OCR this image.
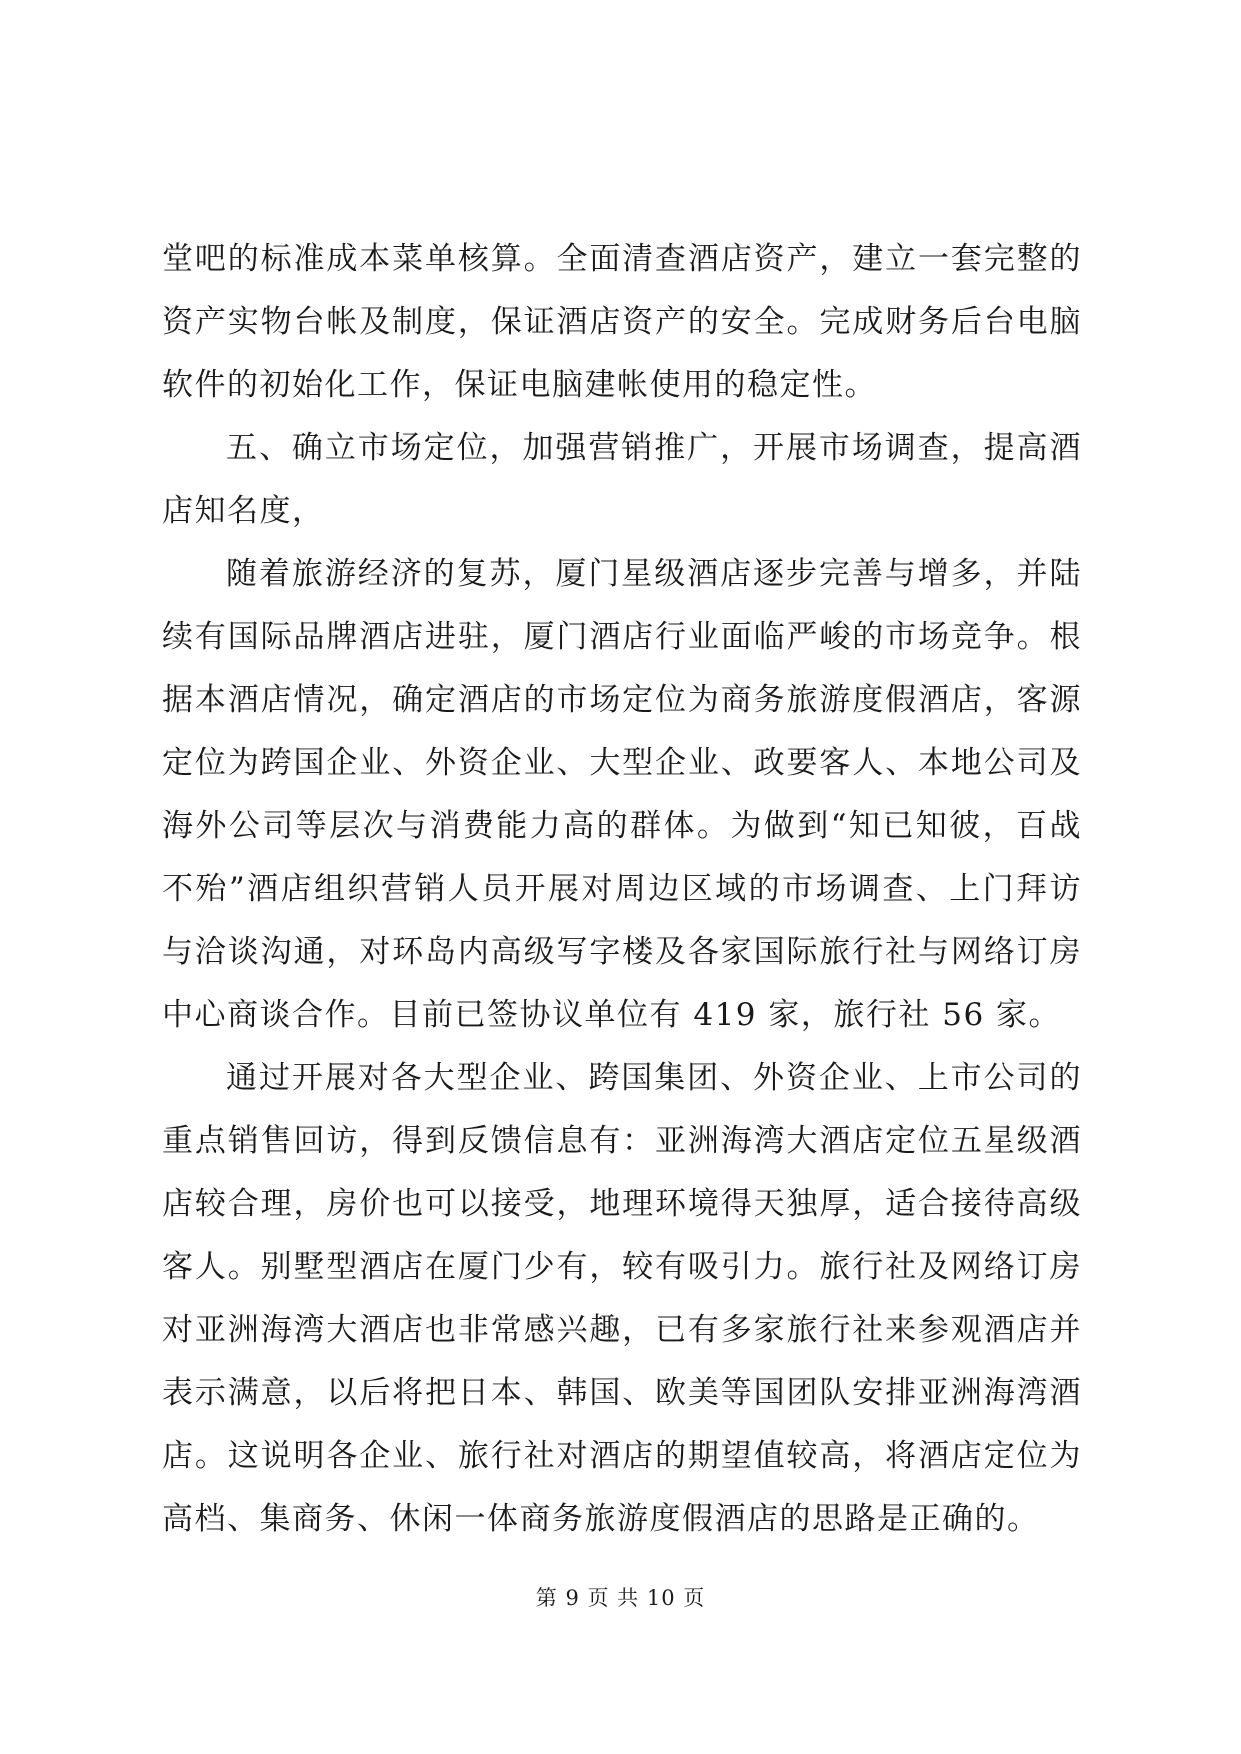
堂吧的标准成本菜单核算。全面清查酒店资产，建立一套完整的
资产实物台帐及制度，保证酒店资产的安全。完成财务后台电脑
软件的初始化工作，保证电脑建帐使用的稳定性。
五、确立市场定位，加强营销推广，开展市场调查，提高酒
店知名度，
随着旅游经济的复苏，厦门星级酒店逐步完善与增多，并陆
续有国际品牌酒店进驻，厦门酒店行业面临严峻的市场竞争。根
据本酒店情况，确定酒店的市场定位为商务旅游度假酒店，客源
定位为跨国企业、外资企业、大型企业、政要客人、本地公司及
海外公司等层次与消费能力高的群体。为做到“知已知彼，百战
不殆”酒店组织营销人员开展对周边区域的市场调查、上门拜访
与洽谈沟通，对环岛内高级写字楼及各家国际旅行社与网络订房
中心商谈合作。目前已签协议单位有 419 家，旅行社 56 家。
通过开展对各大型企业、跨国集团、外资企业、上市公司的
重点销售回访，得到反馈信息有：亚洲海湾大酒店定位五星级酒
店较合理，房价也可以接受，地理环境得天独厚，适合接待高级
客人。别墅型酒店在厦门少有，较有吸引力。旅行社及网络订房
对亚洲海湾大酒店也非常感兴趣，已有多家旅行社来参观酒店并
表示满意，以后将把日本、韩国、欧美等国团队安排亚洲海湾酒
店。这说明各企业、旅行社对酒店的期望值较高，将酒店定位为
高档、集商务、休闲一体商务旅游度假酒店的思路是正确的。
第 9 页 共 10 页
